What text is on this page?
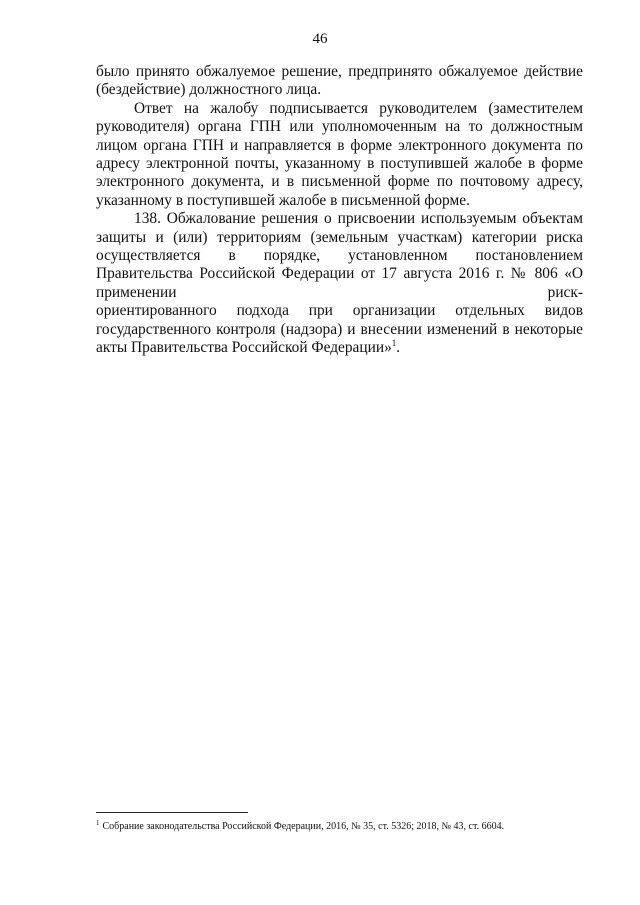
46

было принято обжалуемое решение, предпринято обжалуемое действие (бездействие) должностного лица.

Ответ на жалобу подписывается руководителем (заместителем руководителя) органа ГПН или уполномоченным на то должностным лицом органа ГПН и направляется в форме электронного документа по адресу электронной почты, указанному в поступившей жалобе в форме электронного документа, и в письменной форме по почтовому адресу, указанному в поступившей жалобе в письменной форме.

138. Обжалование решения о присвоении используемым объектам защиты и (или) территориям (земельным участкам) категории риска осуществляется в порядке, установленном постановлением Правительства Российской Федерации от 17 августа 2016 г. № 806 «О применении риск-

ориентированного подхода при организации отдельных видов государственного контроля (надзора) и внесении изменений в некоторые акты Правительства Российской Федерации»$^1$.

$^1$ Собрание законодательства Российской Федерации, 2016, № 35, ст. 5326; 2018, № 43, ст. 6604.
